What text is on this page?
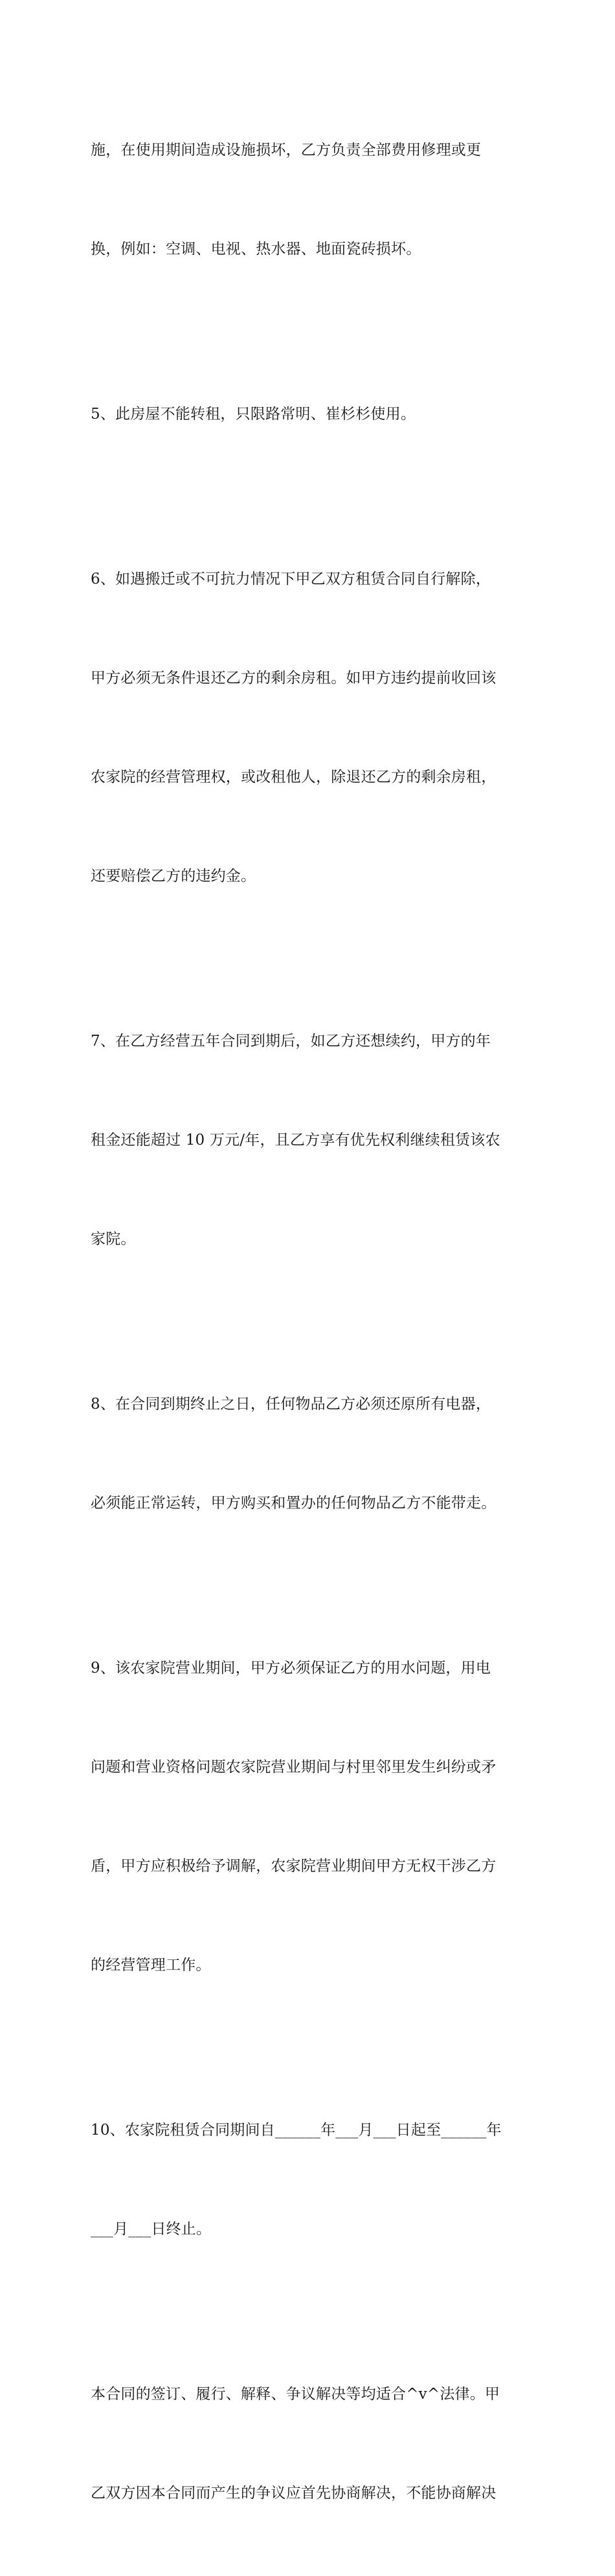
施，在使用期间造成设施损坏，乙方负责全部费用修理或更

换，例如：空调、电视、热水器、地面瓷砖损坏。

5、此房屋不能转租，只限路常明、崔杉杉使用。

6、如遇搬迁或不可抗力情况下甲乙双方租赁合同自行解除，

甲方必须无条件退还乙方的剩余房租。如甲方违约提前收回该

农家院的经营管理权，或改租他人，除退还乙方的剩余房租，

还要赔偿乙方的违约金。

7、在乙方经营五年合同到期后，如乙方还想续约，甲方的年

租金还能超过 10 万元/年，且乙方享有优先权利继续租赁该农

家院。

8、在合同到期终止之日，任何物品乙方必须还原所有电器，

必须能正常运转，甲方购买和置办的任何物品乙方不能带走。

9、该农家院营业期间，甲方必须保证乙方的用水问题，用电

问题和营业资格问题农家院营业期间与村里邻里发生纠纷或矛

盾，甲方应积极给予调解，农家院营业期间甲方无权干涉乙方

的经营管理工作。

10、农家院租赁合同期间自______年___月___日起至______年

___月___日终止。

本合同的签订、履行、解释、争议解决等均适合^v^法律。甲

乙双方因本合同而产生的争议应首先协商解决，不能协商解决
